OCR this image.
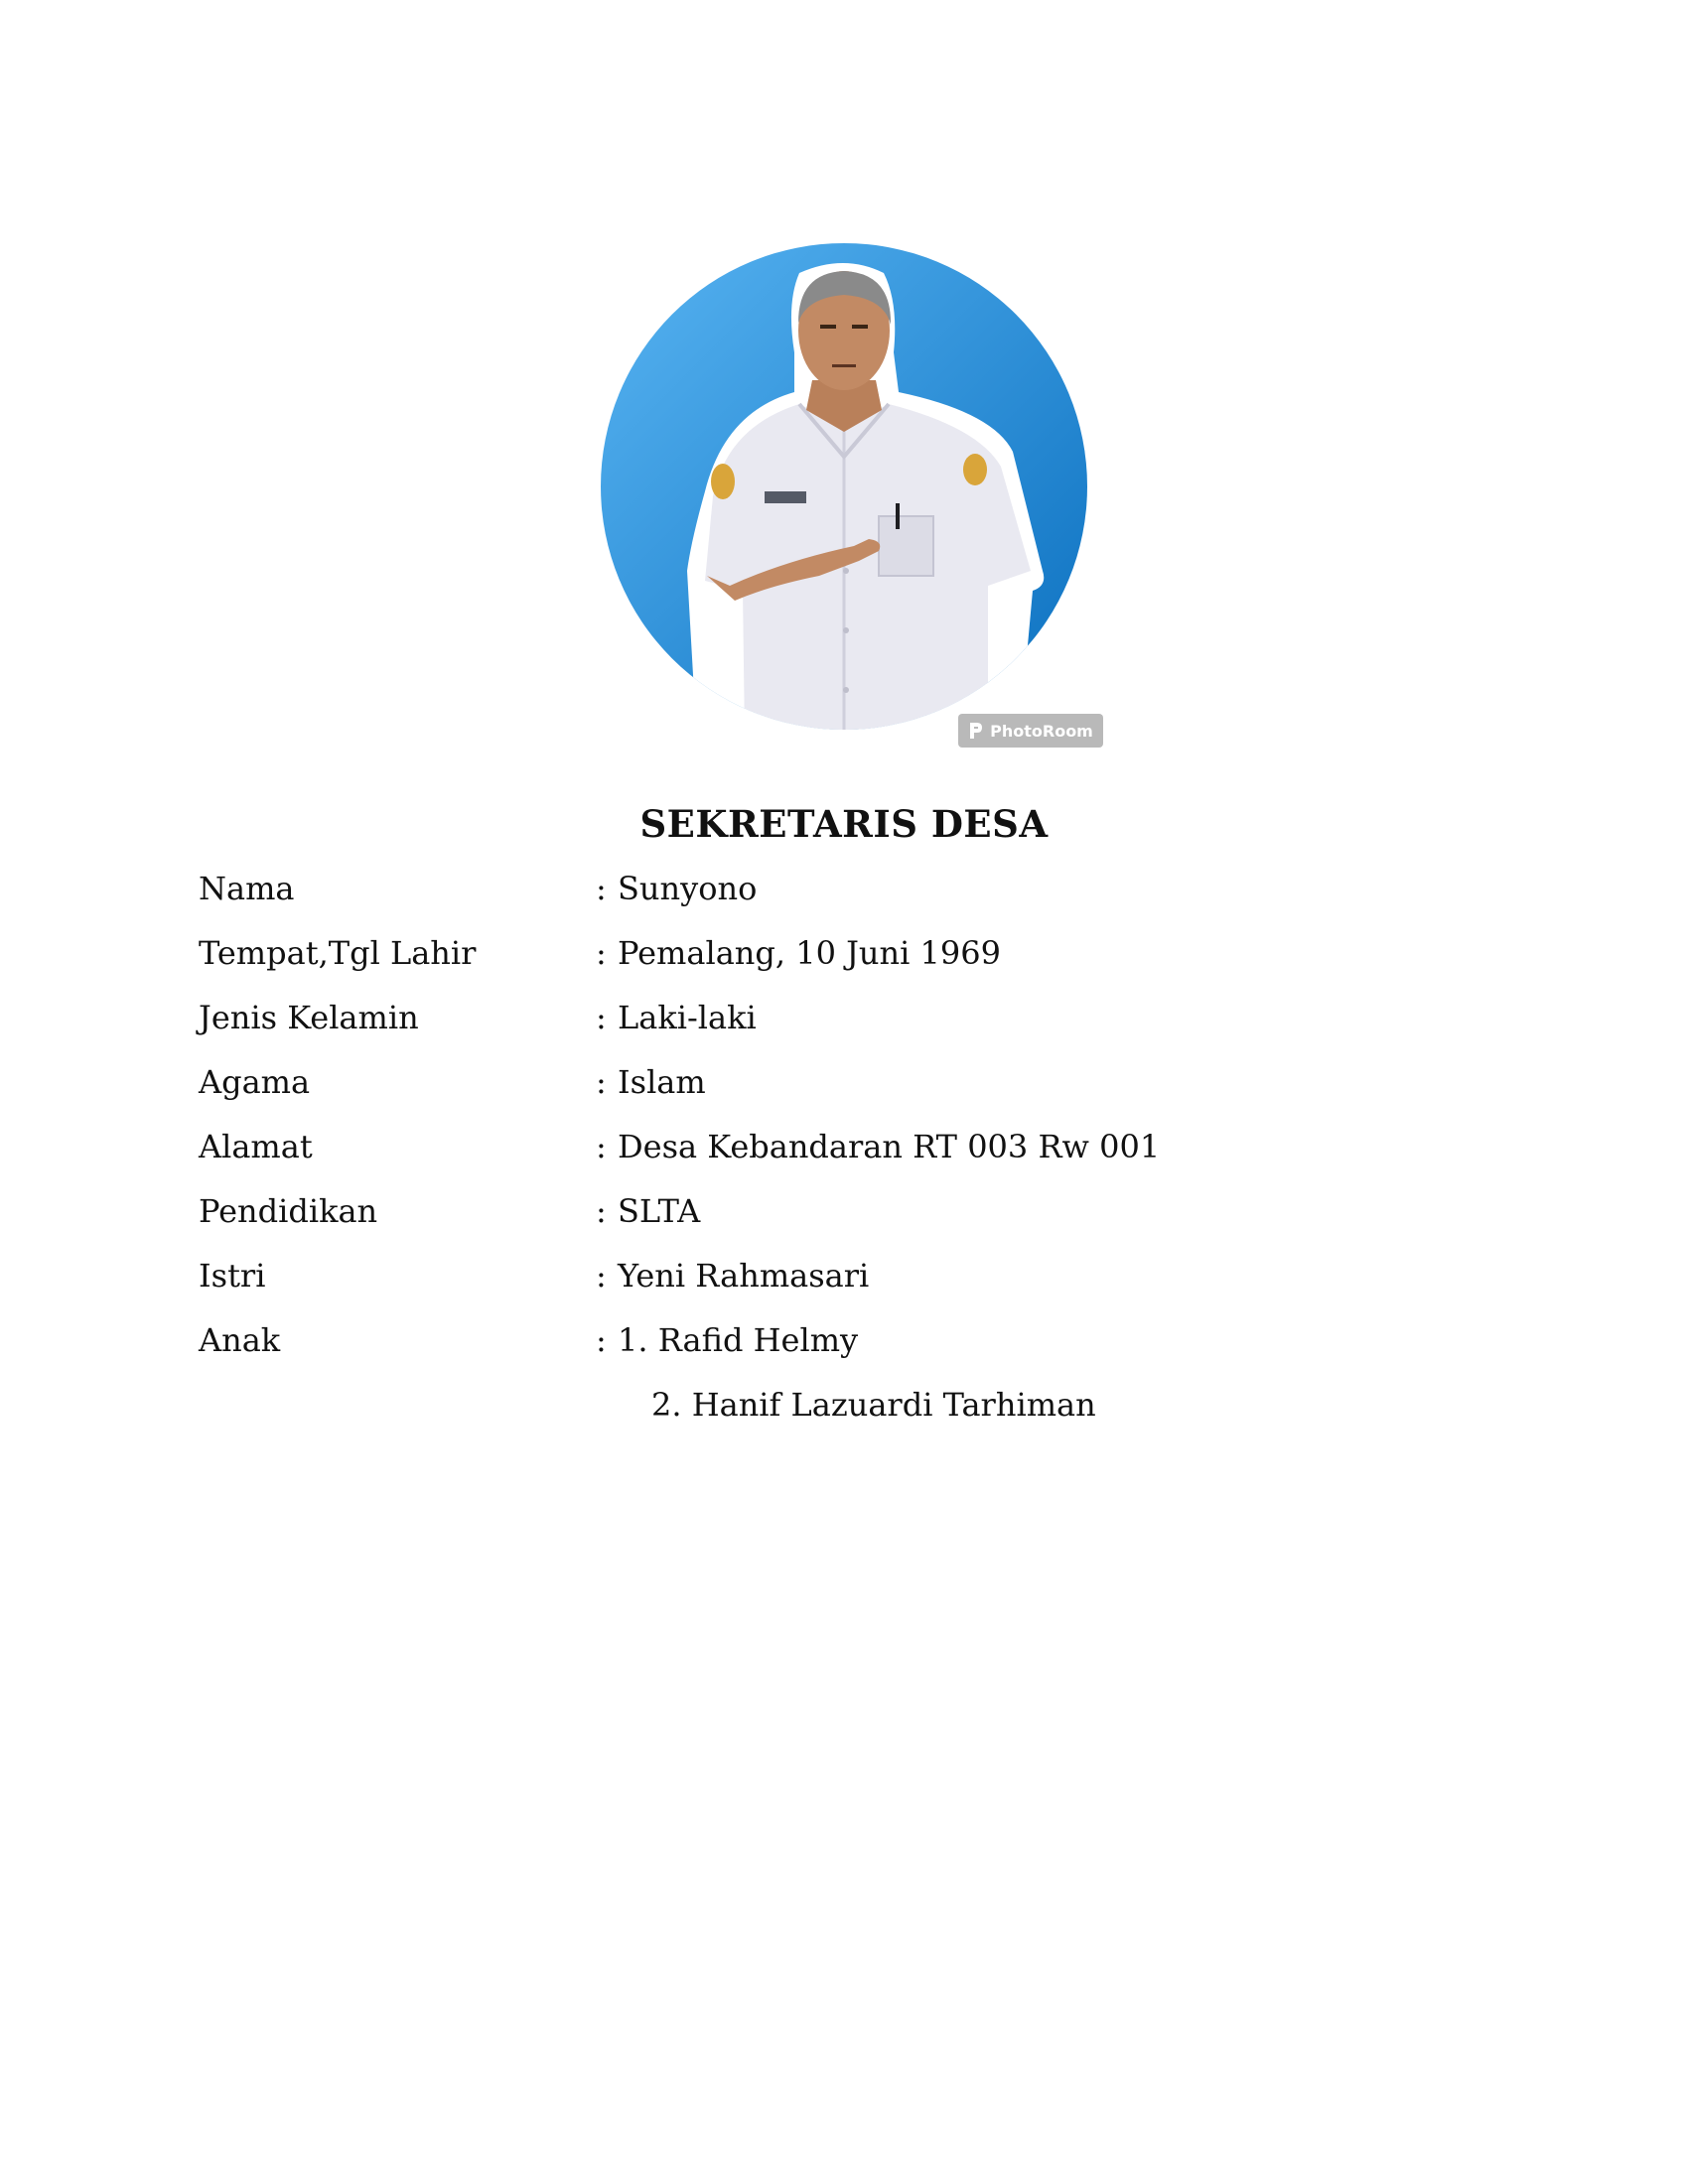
PhotoRoom
SEKRETARIS DESA
Nama	: Sunyono
Tempat,Tgl Lahir	: Pemalang, 10 Juni 1969
Jenis Kelamin	: Laki-laki
Agama	: Islam
Alamat	: Desa Kebandaran RT 003 Rw 001
Pendidikan	: SLTA
Istri	: Yeni Rahmasari
Anak	: 1. Rafid Helmy
2. Hanif Lazuardi Tarhiman
